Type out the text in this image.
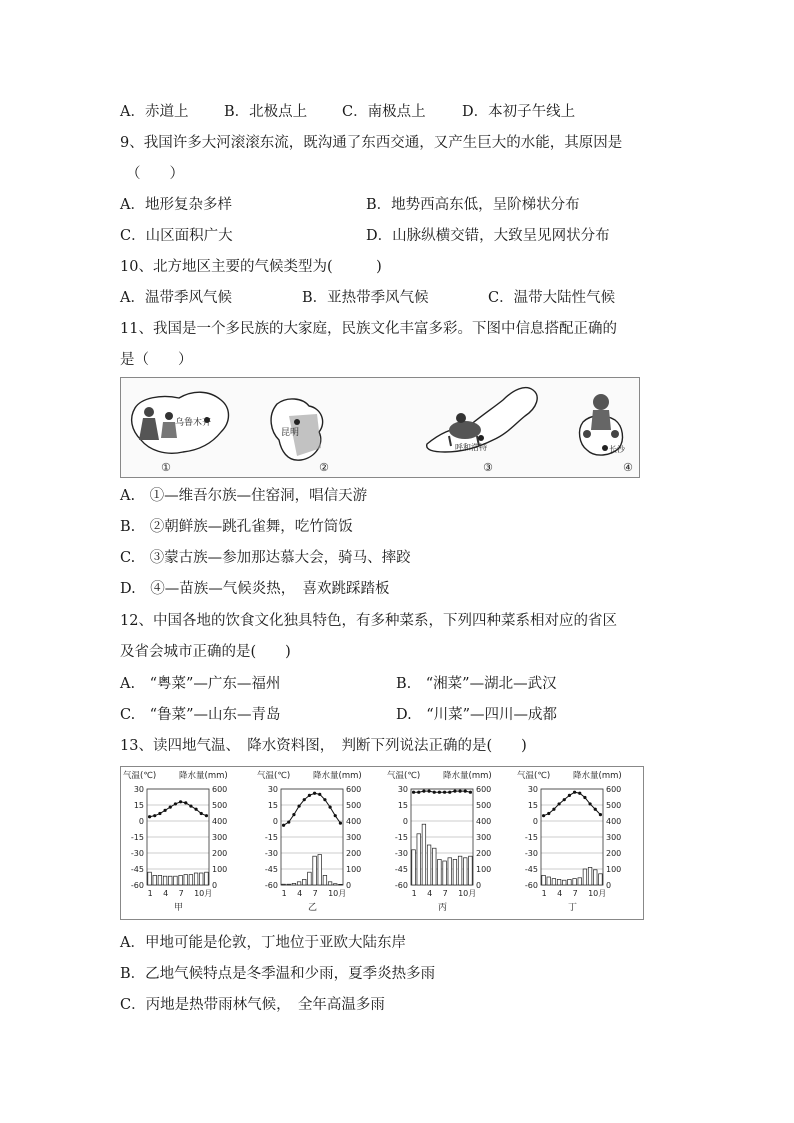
A．赤道上

B．北极点上

C．南极点上

	D．本初子午线上

9、我国许多大河滚滚东流，既沟通了东西交通，又产生巨大的水能，其原因是
（　　）

A．地形复杂多样

	B．地势西高东低，呈阶梯状分布

C．山区面积广大

	D．山脉纵横交错，大致呈见网状分布

10、北方地区主要的气候类型为(　　　)

A．温带季风气候

	B．亚热带季风气候

	C．温带大陆性气候

11、我国是一个多民族的大家庭，民族文化丰富多彩。下图中信息搭配正确的
是（　　）
乌鲁木齐
①
昆明
②
呼和浩特
③
长沙
④
A.　①—维吾尔族—住窑洞，唱信天游
B.　②朝鲜族—跳孔雀舞，吃竹筒饭
C.　③蒙古族—参加那达慕大会，骑马、摔跤
D.　④—苗族—气候炎热，　喜欢跳踩踏板
12、中国各地的饮食文化独具特色，有多种菜系，下列四种菜系相对应的省区
及省会城市正确的是(　　)

A.　“粤菜”—广东—福州

	B.　“湘菜”—湖北—武汉

C.　“鲁菜”—山东—青岛

	D.　“川菜”—四川—成都

13、读四地气温、　降水资料图，　判断下列说法正确的是(　　)
气温(℃)	降水量(mm)
30	600
15	500
0	400
-15	300
-30	200
-45	100
-60	0
1 4 7 10月
甲
气温(℃)	降水量(mm)
30	600
15	500
0	400
-15	300
-30	200
-45	100
-60	0
1 4 7 10月
乙
气温(℃)	降水量(mm)
30	600
15	500
0	400
-15	300
-30	200
-45	100
-60	0
1 4 7 10月
丙
气温(℃)	降水量(mm)
30	600
15	500
0	400
-15	300
-30	200
-45	100
-60	0
1 4 7 10月
丁
A．甲地可能是伦敦，丁地位于亚欧大陆东岸
B．乙地气候特点是冬季温和少雨，夏季炎热多雨
C．丙地是热带雨林气候，　全年高温多雨
